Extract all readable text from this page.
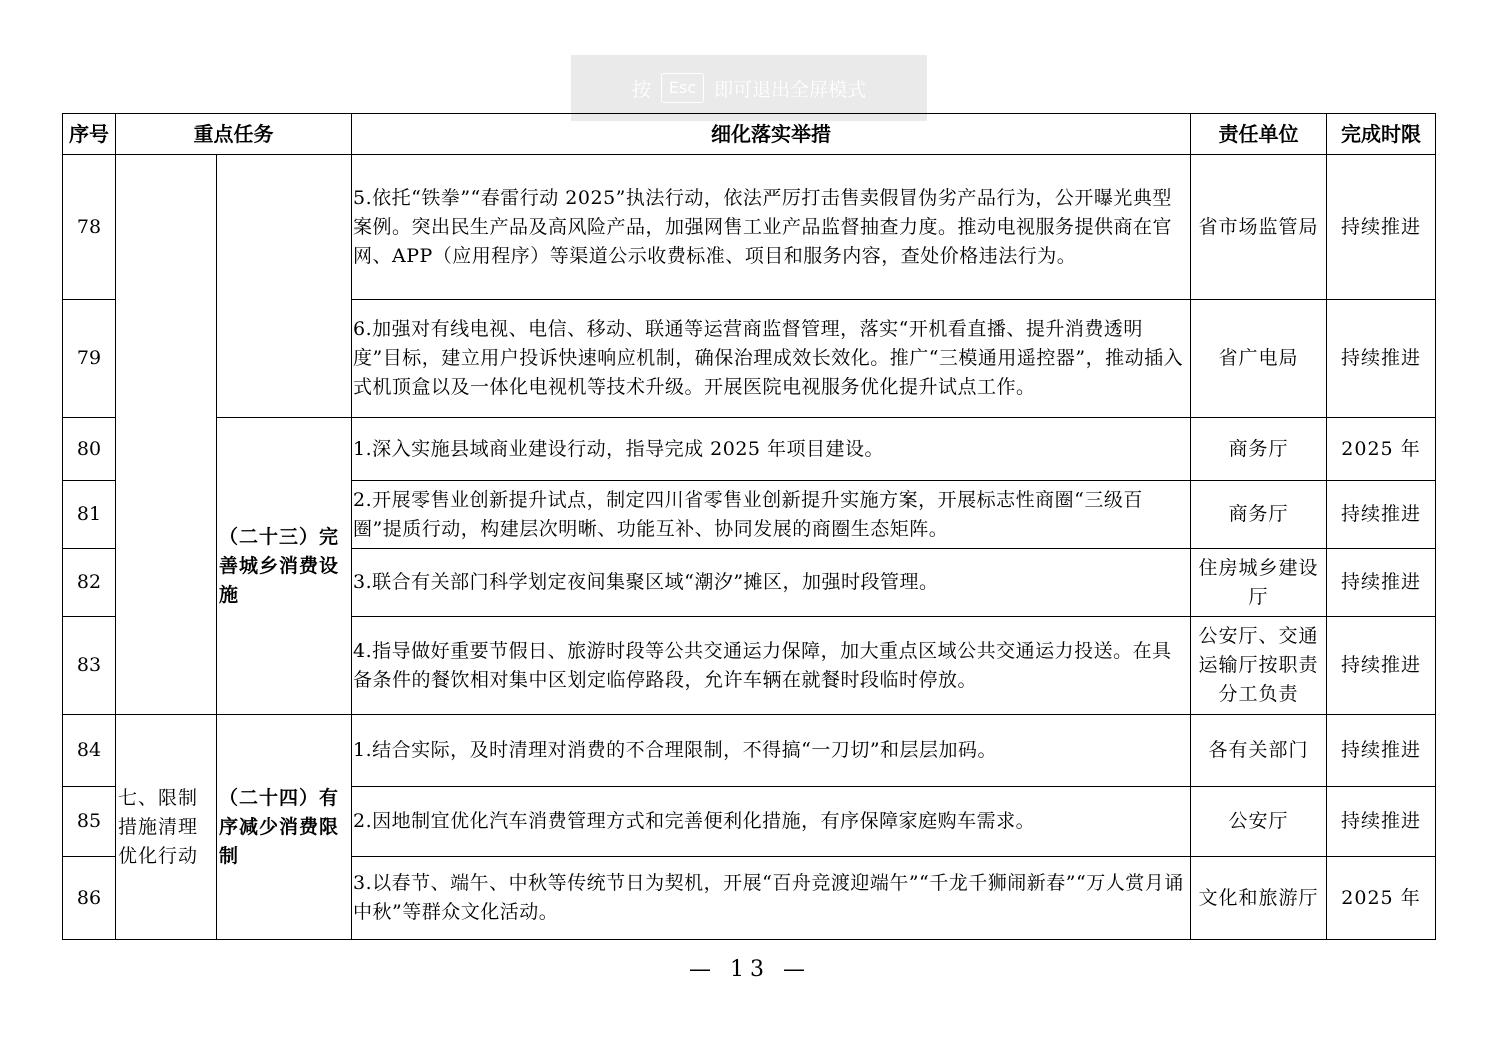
按	Esc 即可退出全屏模式
序号	重点任务		细化落实举措	责任单位	完成时限
78			5.依托“铁拳”“春雷行动 2025”执法行动，依法严厉打击售卖假冒伪劣产品行为，公开曝光典型案例。突出民生产品及高风险产品，加强网售工业产品监督抽查力度。推动电视服务提供商在官网、APP（应用程序）等渠道公示收费标准、项目和服务内容，查处价格违法行为。	省市场监管局	持续推进
79			6.加强对有线电视、电信、移动、联通等运营商监督管理，落实“开机看直播、提升消费透明度”目标，建立用户投诉快速响应机制，确保治理成效长效化。推广“三模通用遥控器”，推动插入式机顶盒以及一体化电视机等技术升级。开展医院电视服务优化提升试点工作。	省广电局	持续推进
80		（二十三）完善城乡消费设施	1.深入实施县域商业建设行动，指导完成 2025 年项目建设。	商务厅	2025 年
81			2.开展零售业创新提升试点，制定四川省零售业创新提升实施方案，开展标志性商圈“三级百圈”提质行动，构建层次明晰、功能互补、协同发展的商圈生态矩阵。	商务厅	持续推进
82			3.联合有关部门科学划定夜间集聚区域“潮汐”摊区，加强时段管理。	住房城乡建设厅	持续推进
83			4.指导做好重要节假日、旅游时段等公共交通运力保障，加大重点区域公共交通运力投送。在具备条件的餐饮相对集中区划定临停路段，允许车辆在就餐时段临时停放。	公安厅、交通运输厅按职责分工负责	持续推进
84	七、限制措施清理优化行动	（二十四）有序减少消费限制	1.结合实际，及时清理对消费的不合理限制，不得搞“一刀切”和层层加码。	各有关部门	持续推进
85			2.因地制宜优化汽车消费管理方式和完善便利化措施，有序保障家庭购车需求。	公安厅	持续推进
86			3.以春节、端午、中秋等传统节日为契机，开展“百舟竞渡迎端午”“千龙千狮闹新春”“万人赏月诵中秋”等群众文化活动。	文化和旅游厅	2025 年
— 13 —
